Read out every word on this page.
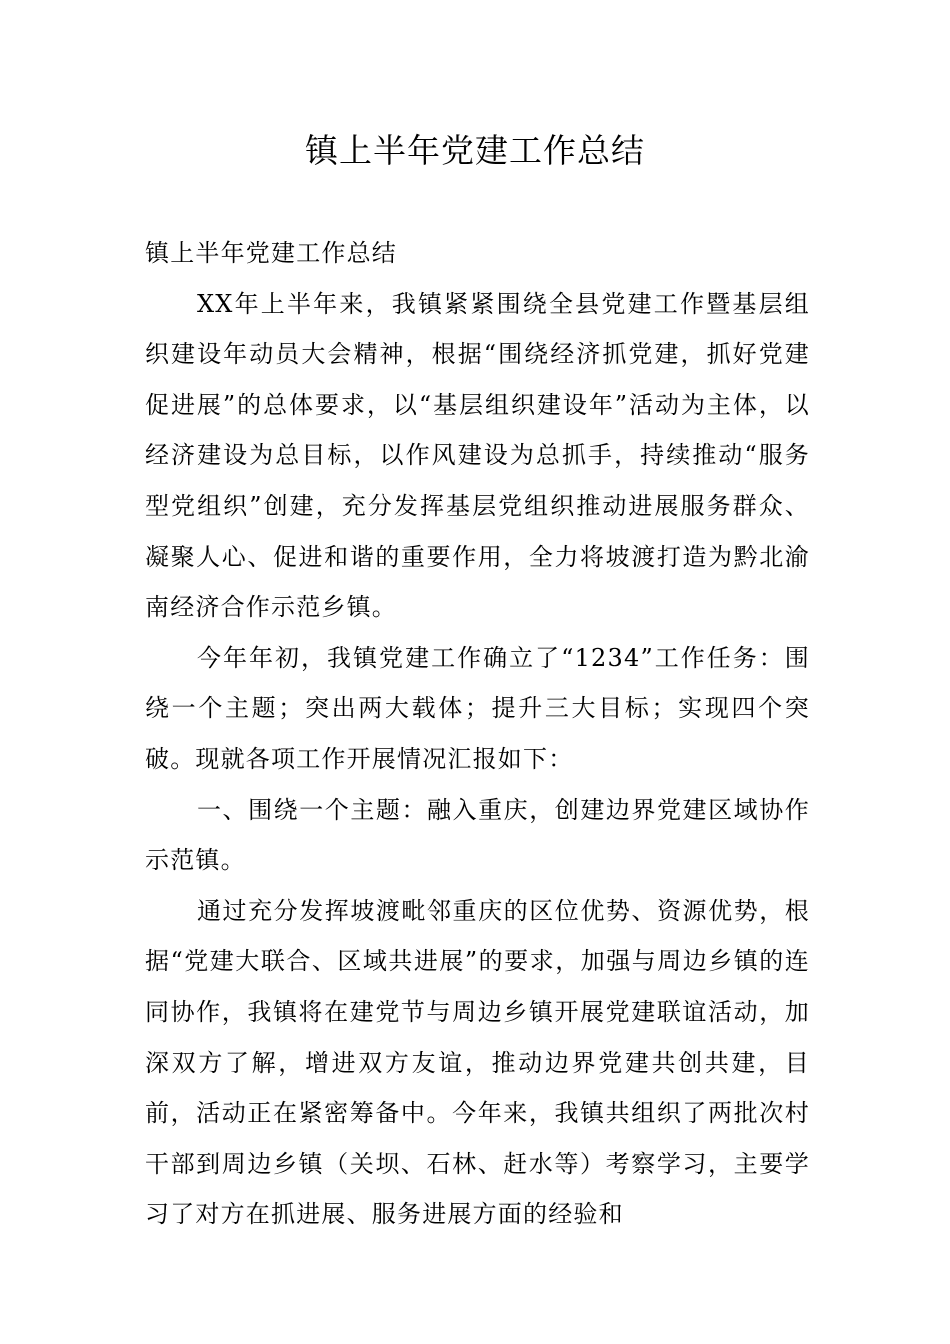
镇上半年党建工作总结

镇上半年党建工作总结

XX年上半年来，我镇紧紧围绕全县党建工作暨基层组织建设年动员大会精神，根据“围绕经济抓党建，抓好党建促进展”的总体要求，以“基层组织建设年”活动为主体，以经济建设为总目标，以作风建设为总抓手，持续推动“服务型党组织”创建，充分发挥基层党组织推动进展服务群众、凝聚人心、促进和谐的重要作用，全力将坡渡打造为黔北渝南经济合作示范乡镇。

今年年初，我镇党建工作确立了“1234”工作任务：围绕一个主题；突出两大载体；提升三大目标；实现四个突破。现就各项工作开展情况汇报如下：

一、围绕一个主题：融入重庆，创建边界党建区域协作示范镇。

通过充分发挥坡渡毗邻重庆的区位优势、资源优势，根据“党建大联合、区域共进展”的要求，加强与周边乡镇的连同协作，我镇将在建党节与周边乡镇开展党建联谊活动，加深双方了解，增进双方友谊，推动边界党建共创共建，目前，活动正在紧密筹备中。今年来，我镇共组织了两批次村干部到周边乡镇（关坝、石林、赶水等）考察学习，主要学习了对方在抓进展、服务进展方面的经验和
